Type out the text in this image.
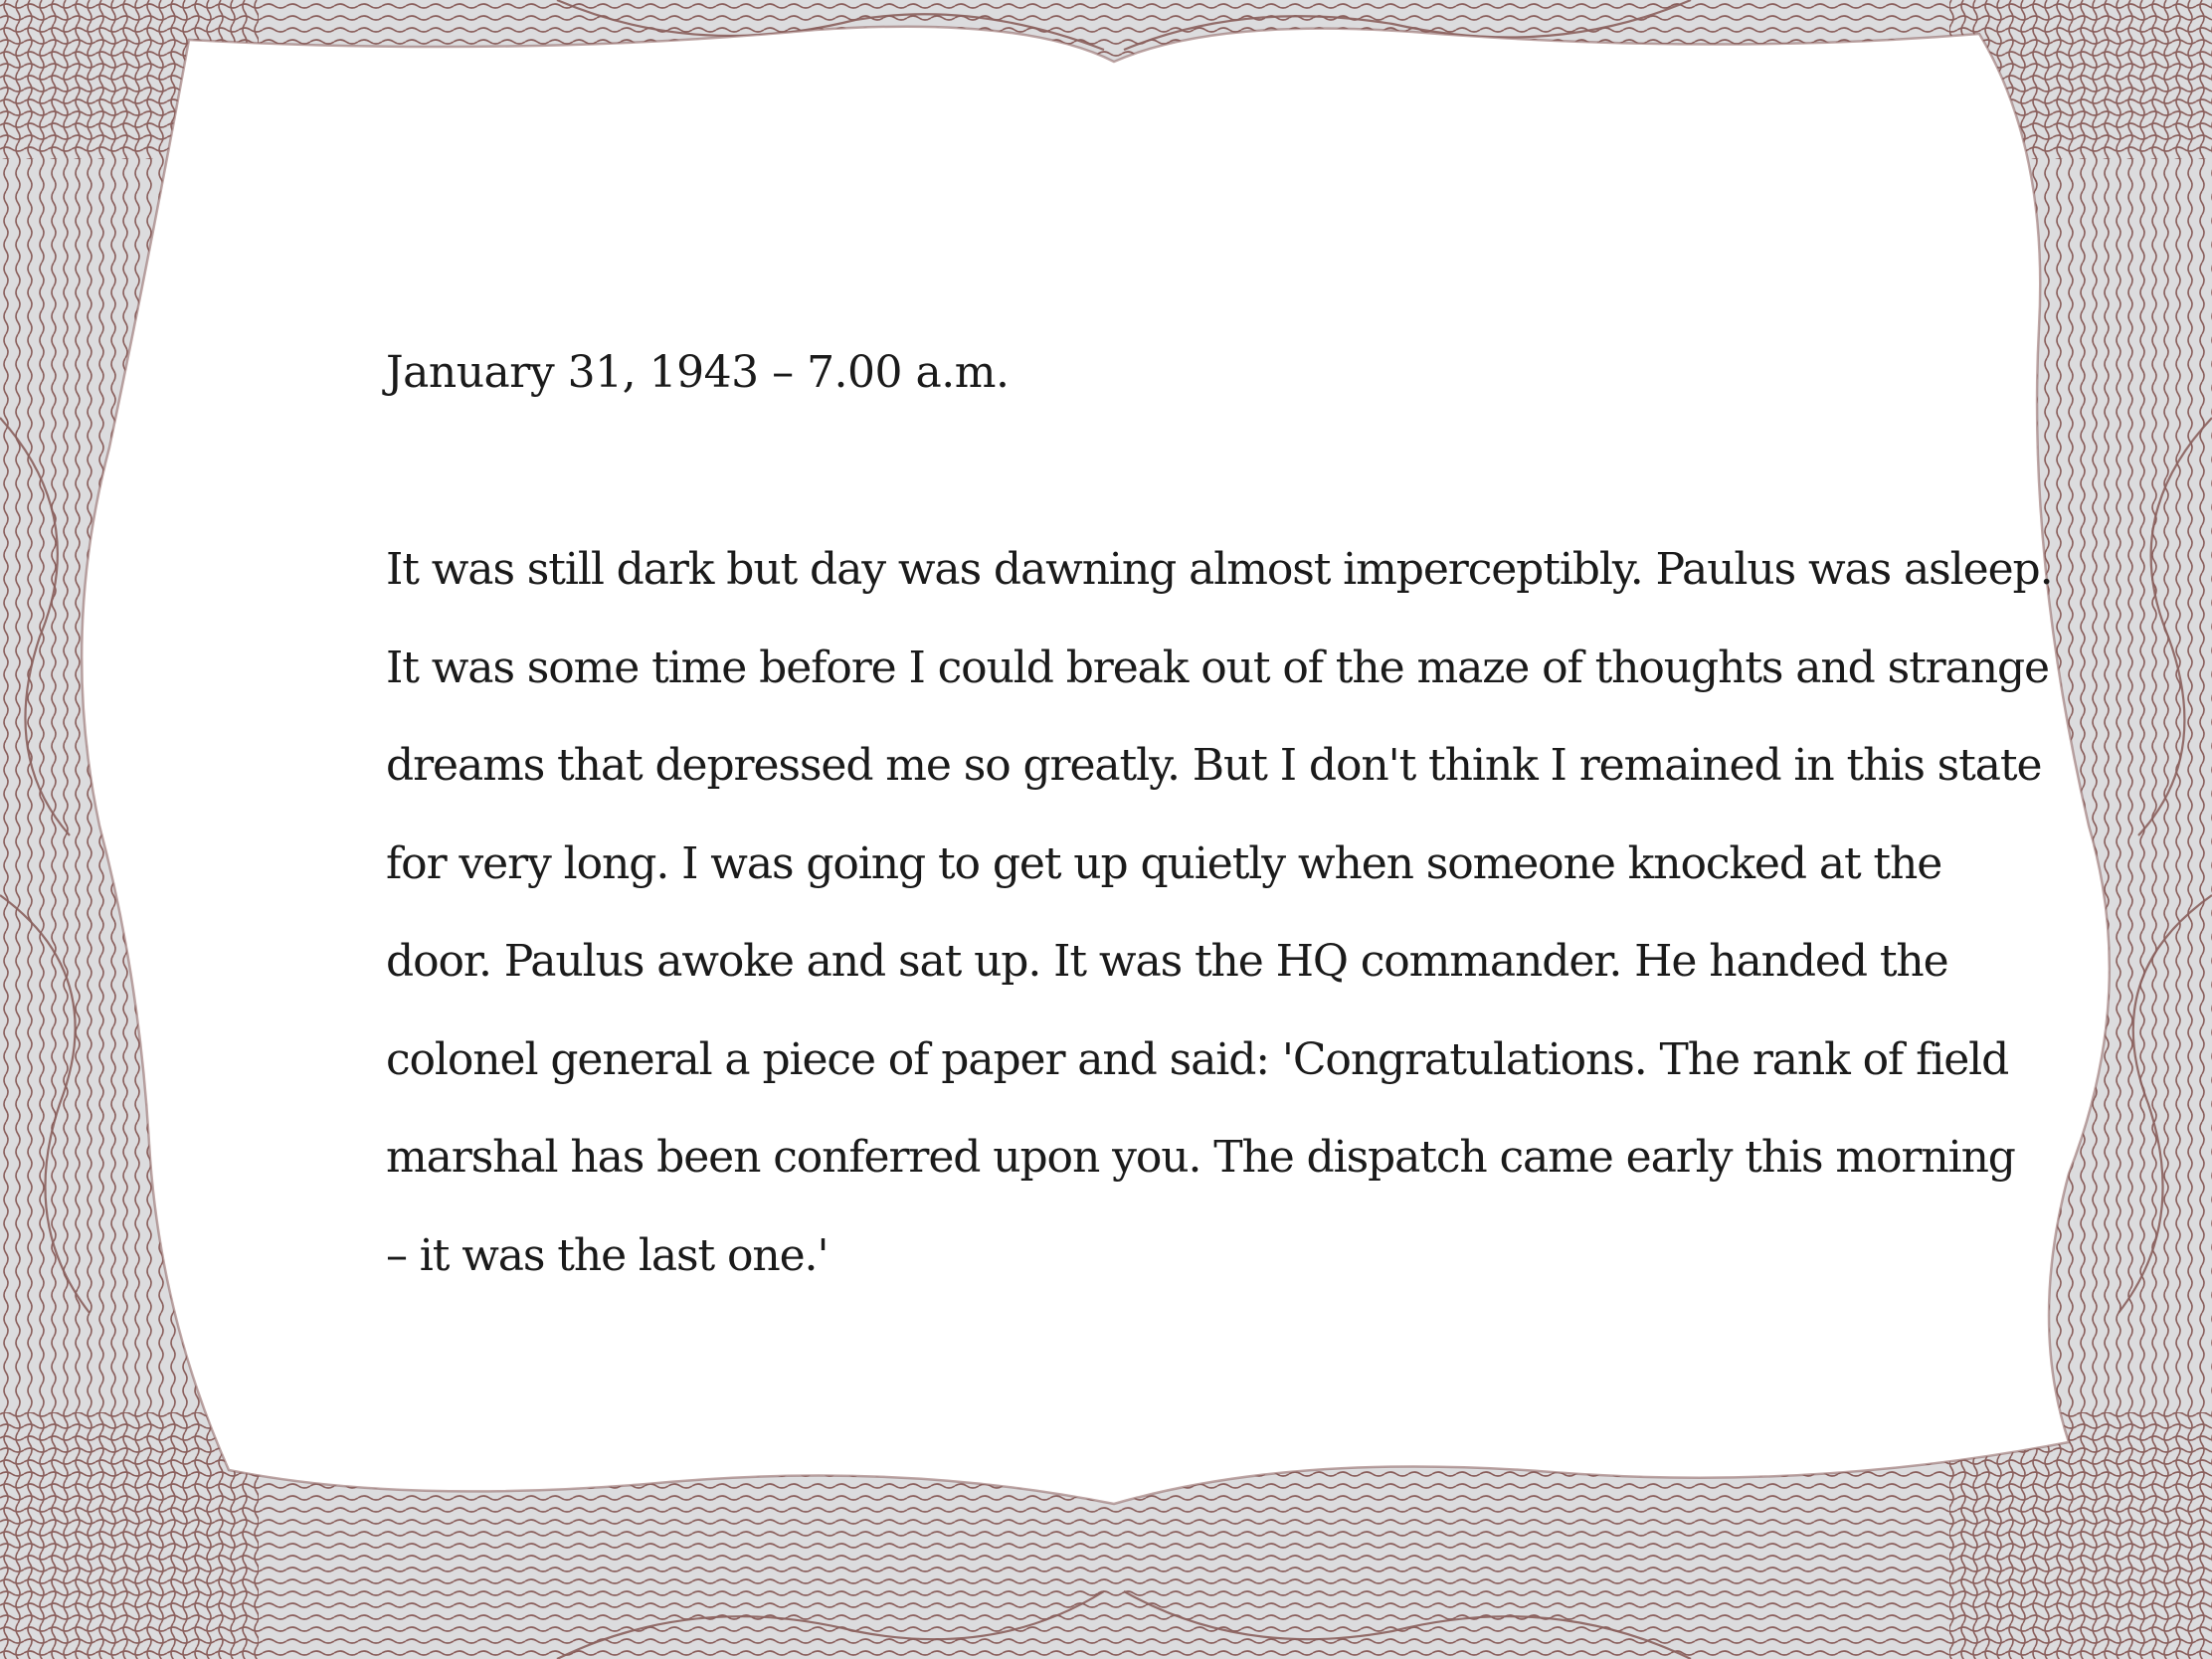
January 31, 1943 – 7.00 a.m.

It was still dark but day was dawning almost imperceptibly. Paulus was asleep.

It was some time before I could break out of the maze of thoughts and strange

dreams that depressed me so greatly. But I don't think I remained in this state

for very long. I was going to get up quietly when someone knocked at the

door. Paulus awoke and sat up. It was the HQ commander. He handed the

colonel general a piece of paper and said: 'Congratulations. The rank of field

marshal has been conferred upon you. The dispatch came early this morning

– it was the last one.'
